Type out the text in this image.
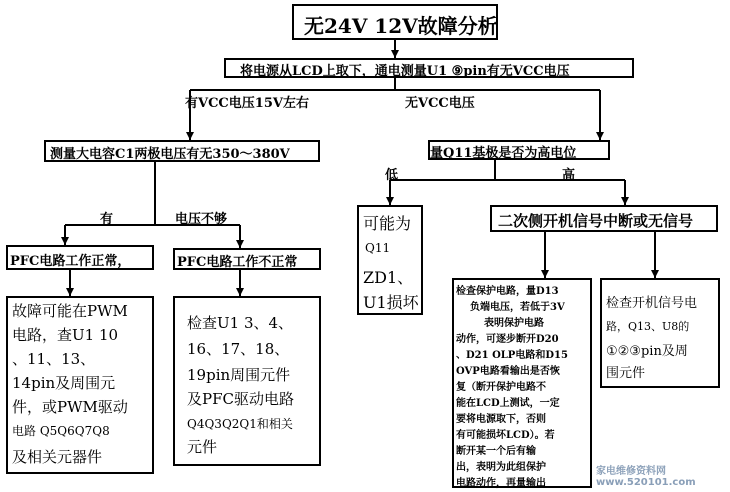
无24V 12V故障分析
将电源从LCD上取下，通电测量U1 ⑨pin有无VCC电压
有VCC电压15V左右	无VCC电压
测量大电容C1两极电压有无350～380V	量Q11基极是否为高电位
有	电压不够
低	高
PFC电路工作正常，	PFC电路工作不正常
可能为
Q11
ZD1、
U1损坏
二次侧开机信号中断或无信号
故障可能在PWM
电路，查U1 10
、11、13、
14pin及周围元
件，或PWM驱动
电路 Q5Q6Q7Q8
及相关元器件
检查U1 3、4、
16、17、18、
19pin周围元件
及PFC驱动电路
Q4Q3Q2Q1和相关
元件
检查保护电路，量D13
负端电压，若低于3V
表明保护电路
动作，可逐步断开D20
、D21 OLP电路和D15
OVP电路看输出是否恢
复（断开保护电路不
能在LCD上测试，一定
要将电源取下，否则
有可能损坏LCD）。若
断开某一个后有输
出，表明为此组保护
电路动作，再量输出
检查开机信号电
路，Q13、U8的
①②③pin及周
围元件
家电维修资料网 www.520101.com
